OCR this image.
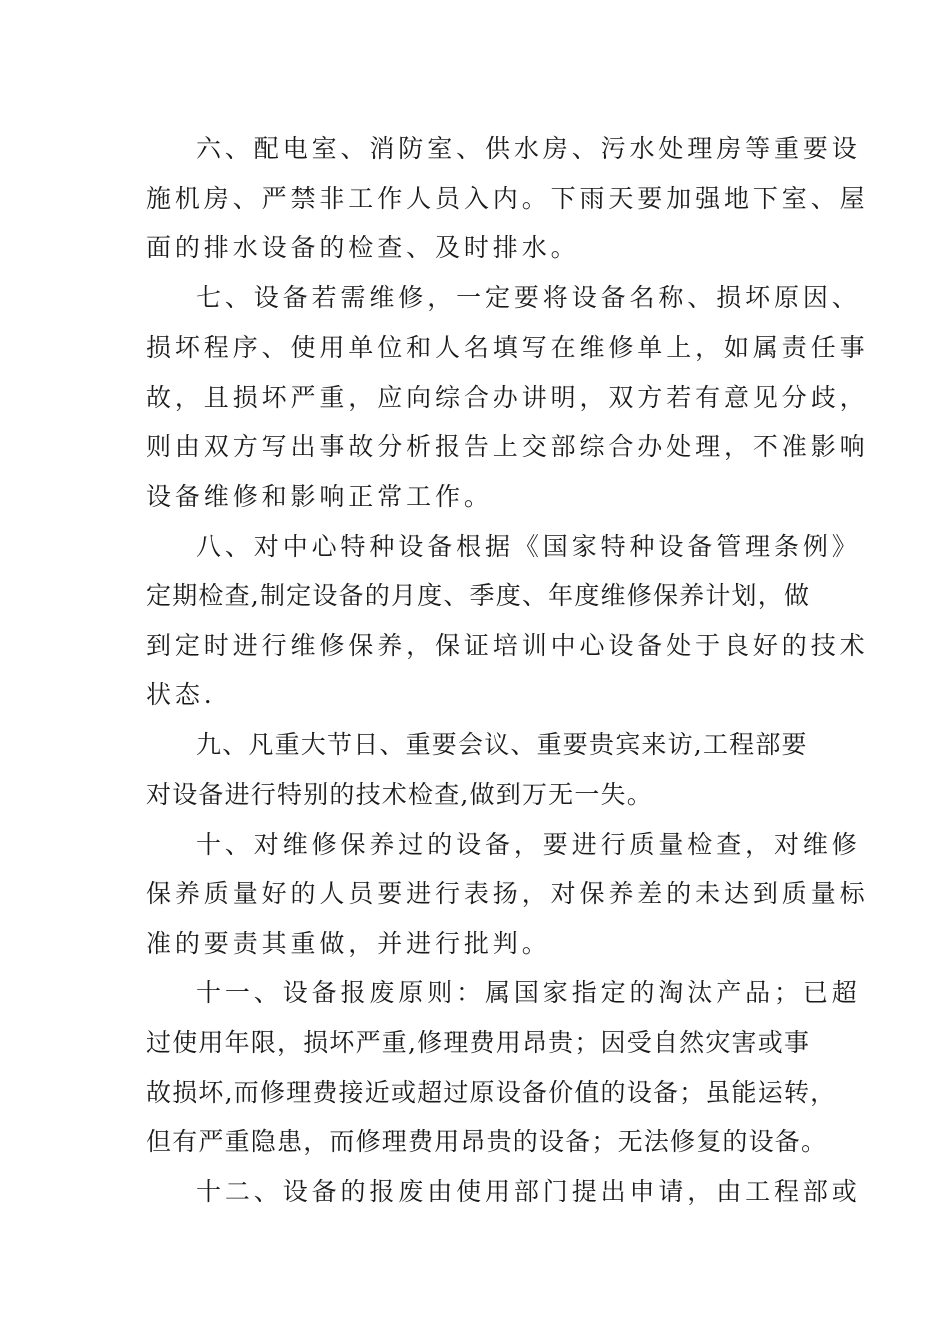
六、配电室、消防室、供水房、污水处理房等重要设
施机房、严禁非工作人员入内。下雨天要加强地下室、屋
面的排水设备的检查、及时排水。
七、设备若需维修，一定要将设备名称、损坏原因、
损坏程序、使用单位和人名填写在维修单上，如属责任事
故，且损坏严重，应向综合办讲明，双方若有意见分歧，
则由双方写出事故分析报告上交部综合办处理，不准影响
设备维修和影响正常工作。
八、对中心特种设备根据《国家特种设备管理条例》
定期检查,制定设备的月度、季度、年度维修保养计划，做
到定时进行维修保养，保证培训中心设备处于良好的技术
状态.
九、凡重大节日、重要会议、重要贵宾来访,工程部要
对设备进行特别的技术检查,做到万无一失。
十、对维修保养过的设备，要进行质量检查，对维修
保养质量好的人员要进行表扬，对保养差的未达到质量标
准的要责其重做，并进行批判。
十一、设备报废原则：属国家指定的淘汰产品；已超
过使用年限，损坏严重,修理费用昂贵；因受自然灾害或事
故损坏,而修理费接近或超过原设备价值的设备；虽能运转，
但有严重隐患，而修理费用昂贵的设备；无法修复的设备。
十二、设备的报废由使用部门提出申请，由工程部或
